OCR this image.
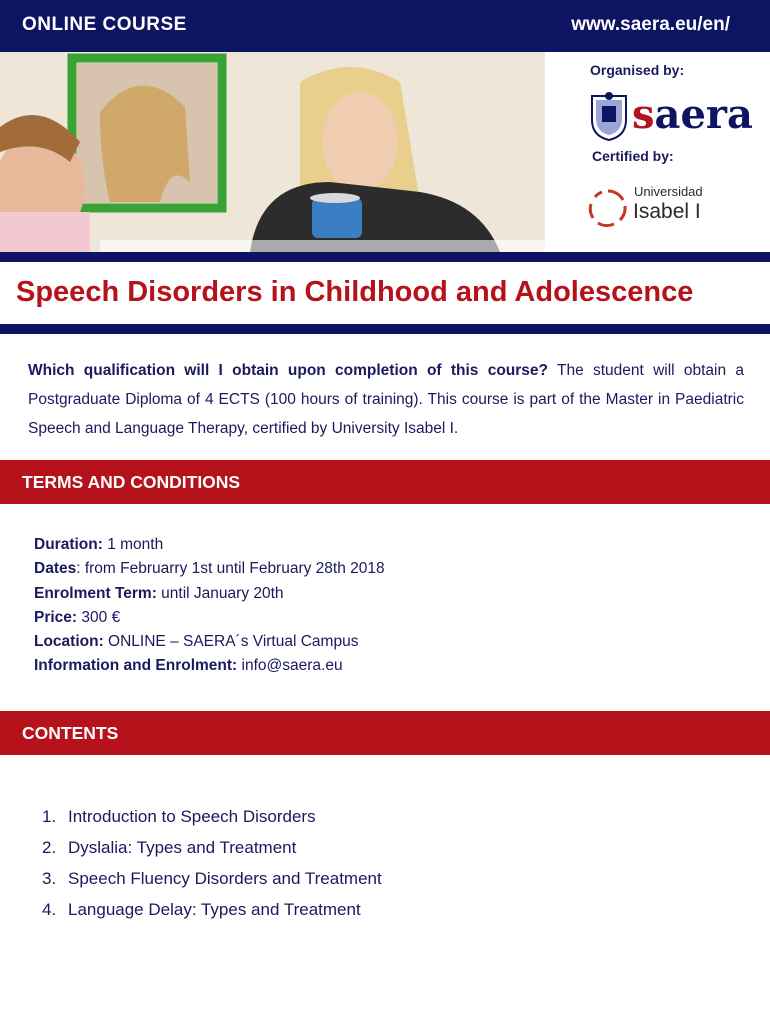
ONLINE COURSE	www.saera.eu/en/
Organised by:
saera
Certified by:
Universidad
Isabel I
Speech Disorders in Childhood and Adolescence
Which qualification will I obtain upon completion of this course? The student will obtain a Postgraduate Diploma of 4 ECTS (100 hours of training). This course is part of the Master in Paediatric Speech and Language Therapy, certified by University Isabel I.
TERMS AND CONDITIONS
Duration: 1 month
Dates: from Februarry 1st until February 28th 2018
Enrolment Term: until January 20th
Price: 300 €
Location: ONLINE – SAERA´s Virtual Campus
Information and Enrolment: info@saera.eu
CONTENTS
1. Introduction to Speech Disorders
2. Dyslalia: Types and Treatment
3. Speech Fluency Disorders and Treatment
4. Language Delay: Types and Treatment
